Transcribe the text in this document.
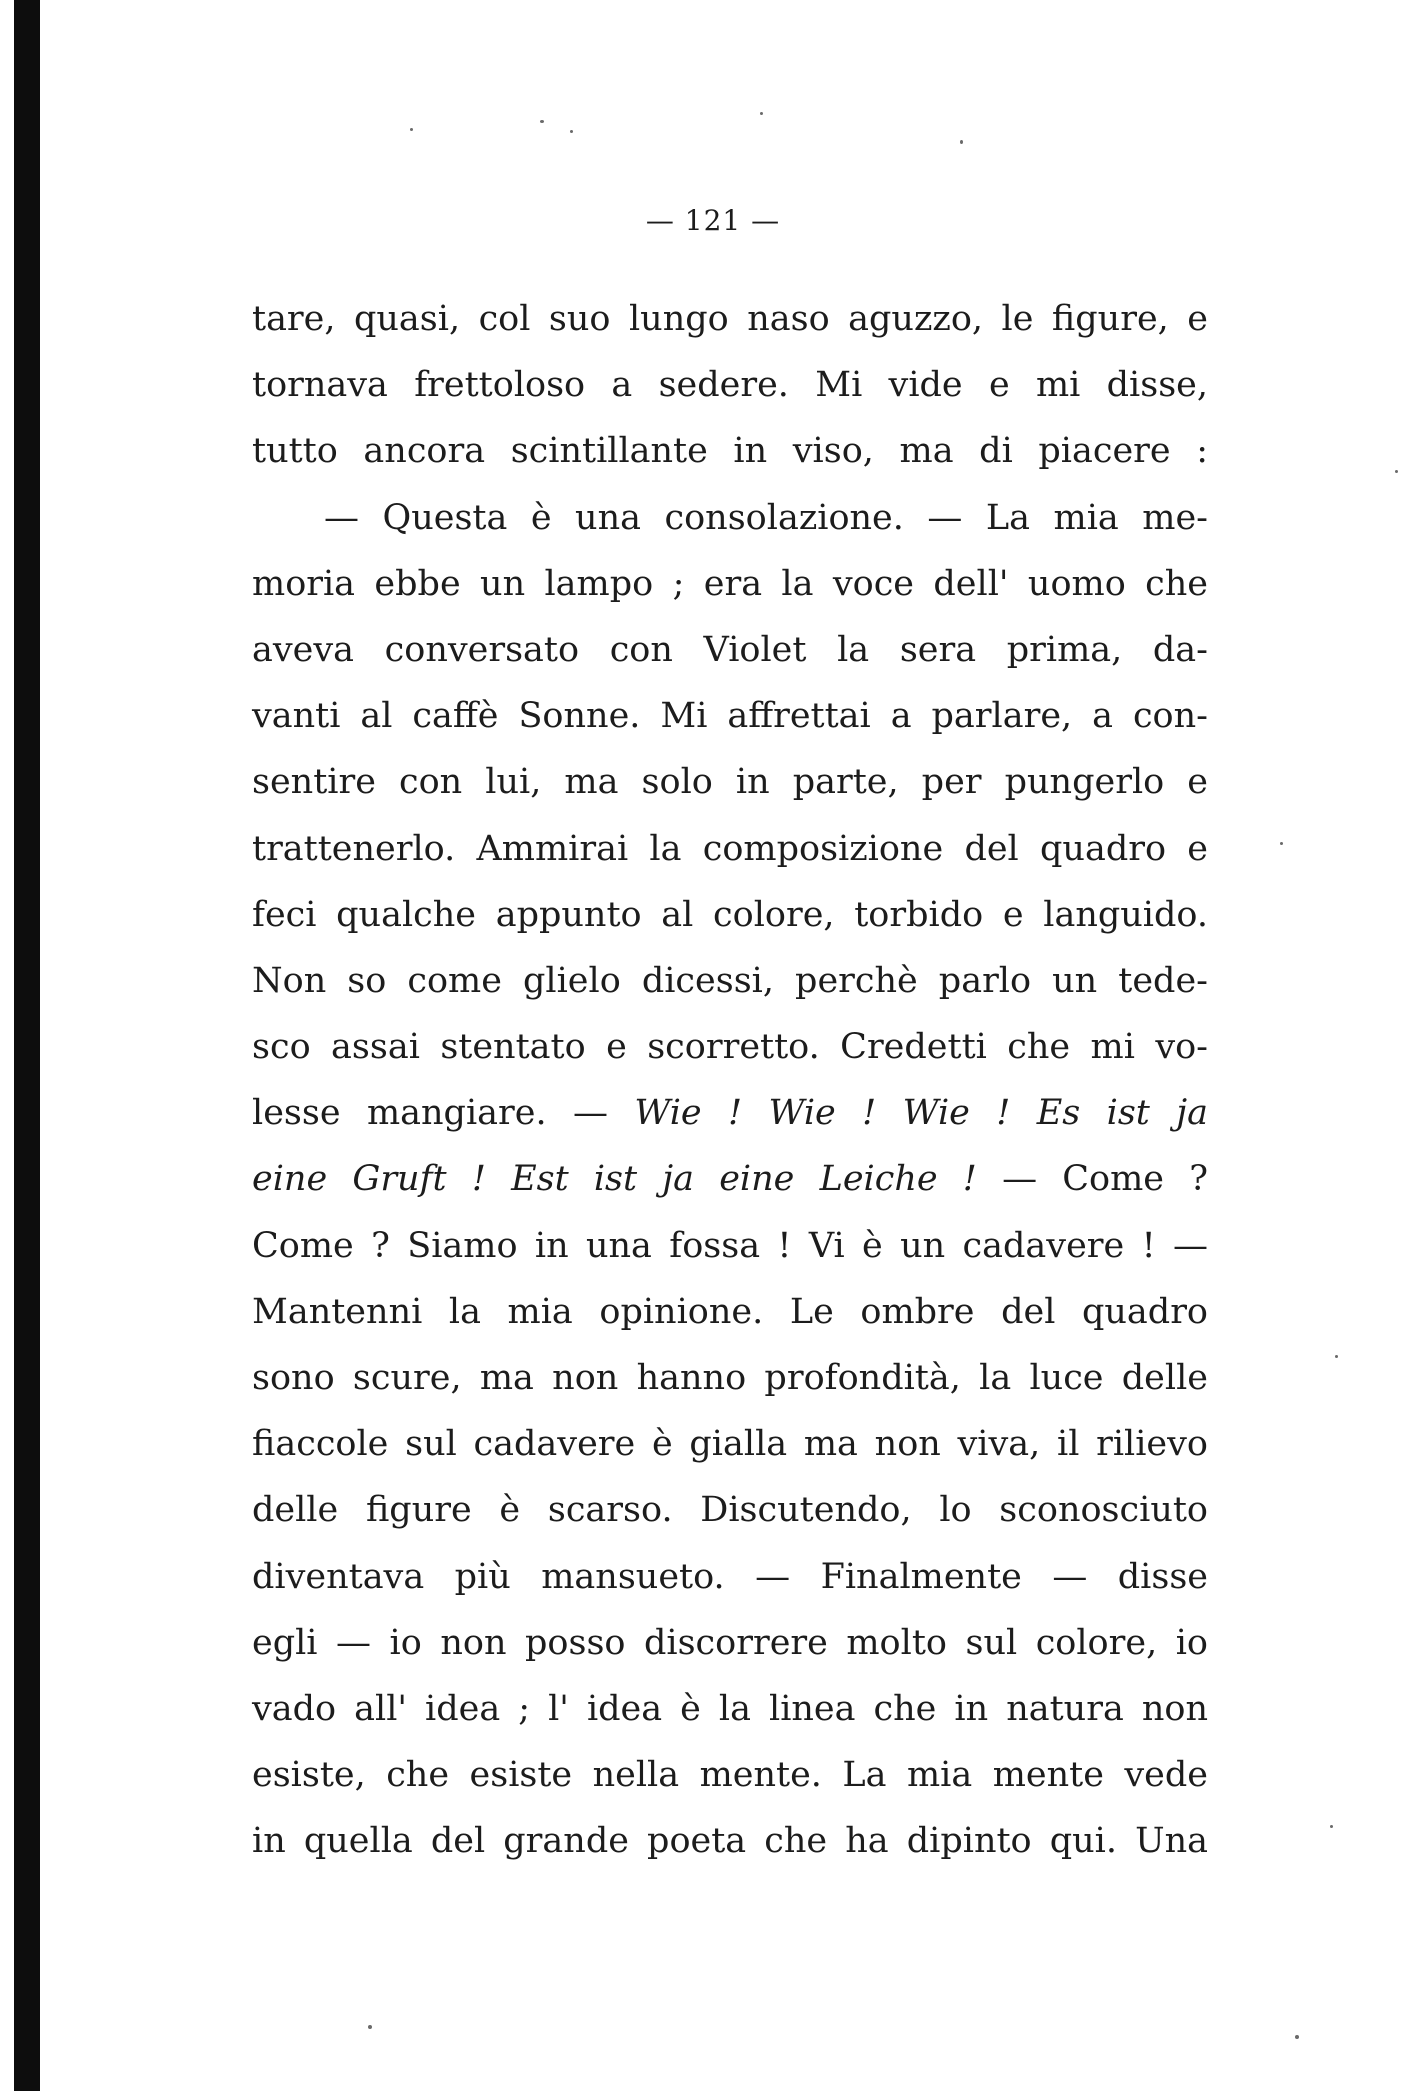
— 121 —
tare, quasi, col suo lungo naso aguzzo, le figure, e
tornava frettoloso a sedere. Mi vide e mi disse,
tutto ancora scintillante in viso, ma di piacere :
— Questa è una consolazione. — La mia me-
moria ebbe un lampo ; era la voce dell' uomo che
aveva conversato con Violet la sera prima, da-
vanti al caffè Sonne. Mi affrettai a parlare, a con-
sentire con lui, ma solo in parte, per pungerlo e
trattenerlo. Ammirai la composizione del quadro e
feci qualche appunto al colore, torbido e languido.
Non so come glielo dicessi, perchè parlo un tede-
sco assai stentato e scorretto. Credetti che mi vo-
lesse mangiare. — Wie ! Wie ! Wie ! Es ist ja
eine Gruft ! Est ist ja eine Leiche ! — Come ?
Come ? Siamo in una fossa ! Vi è un cadavere ! —
Mantenni la mia opinione. Le ombre del quadro
sono scure, ma non hanno profondità, la luce delle
fiaccole sul cadavere è gialla ma non viva, il rilievo
delle figure è scarso. Discutendo, lo sconosciuto
diventava più mansueto. — Finalmente — disse
egli — io non posso discorrere molto sul colore, io
vado all' idea ; l' idea è la linea che in natura non
esiste, che esiste nella mente. La mia mente vede
in quella del grande poeta che ha dipinto qui. Una
